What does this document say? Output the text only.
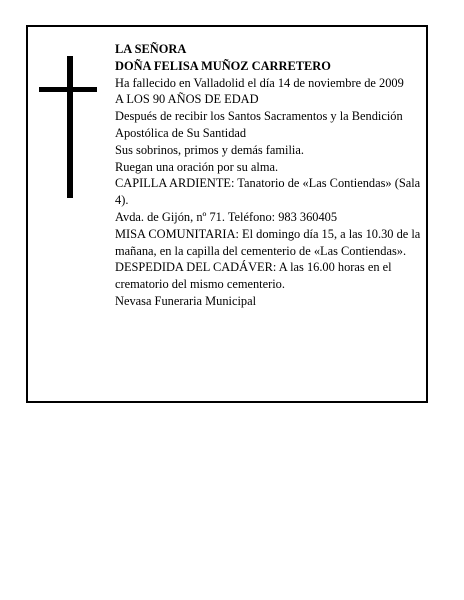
LA SEÑORA

DOÑA FELISA MUÑOZ CARRETERO

Ha fallecido en Valladolid el día 14 de noviembre de 2009

A LOS 90 AÑOS DE EDAD

Después de recibir los Santos Sacramentos y la Bendición Apostólica de Su Santidad

Sus sobrinos, primos y demás familia.

Ruegan una oración por su alma.

CAPILLA ARDIENTE: Tanatorio de «Las Contiendas» (Sala 4).

Avda. de Gijón, nº 71. Teléfono: 983 360405

MISA COMUNITARIA: El domingo día 15, a las 10.30 de la mañana, en la capilla del cementerio de «Las Contiendas».

DESPEDIDA DEL CADÁVER: A las 16.00 horas en el crematorio del mismo cementerio.

Nevasa Funeraria Municipal
